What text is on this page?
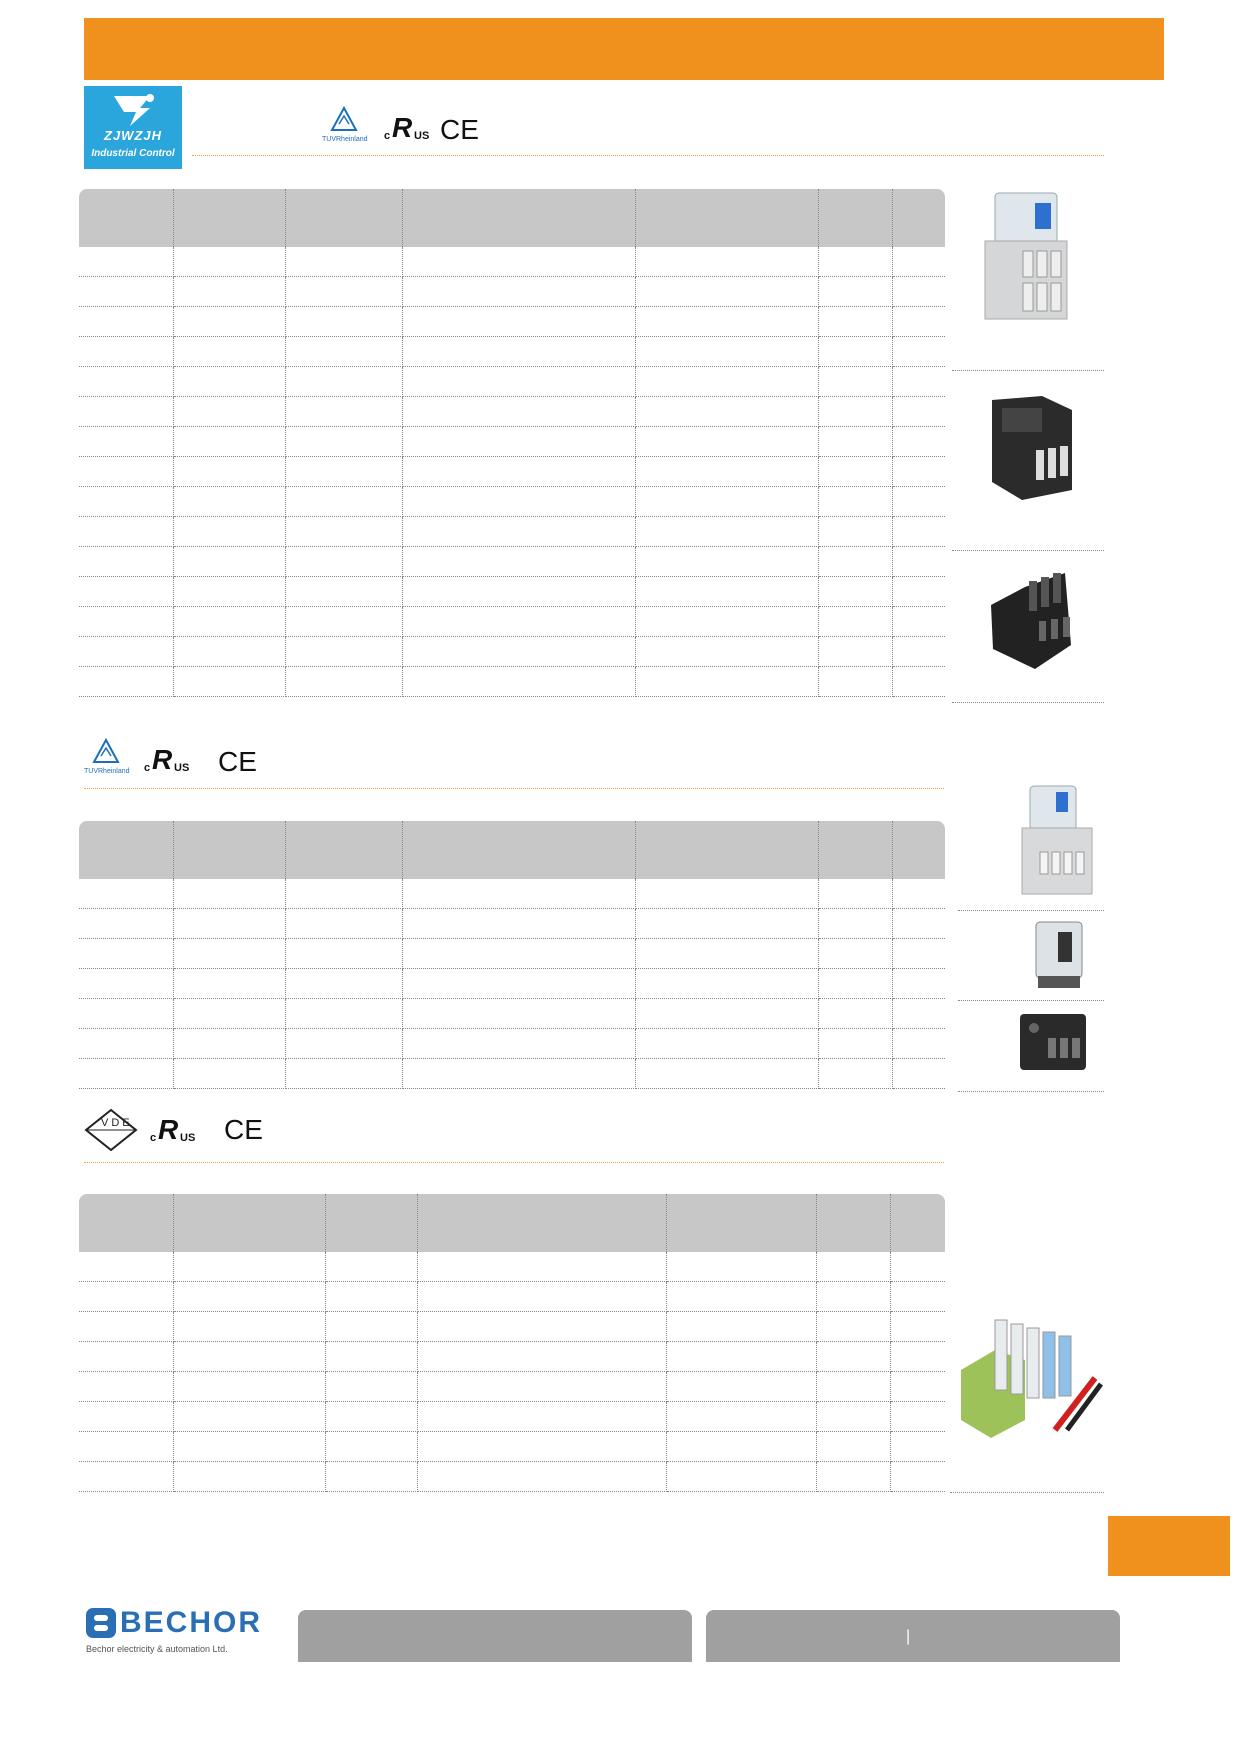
ZJWZJH
Industrial Control
TUVRheinland c R US CE

TUVRheinland c R US CE

VDE
c R US CE

BECHOR
Bechor electricity & automation Ltd.
|
